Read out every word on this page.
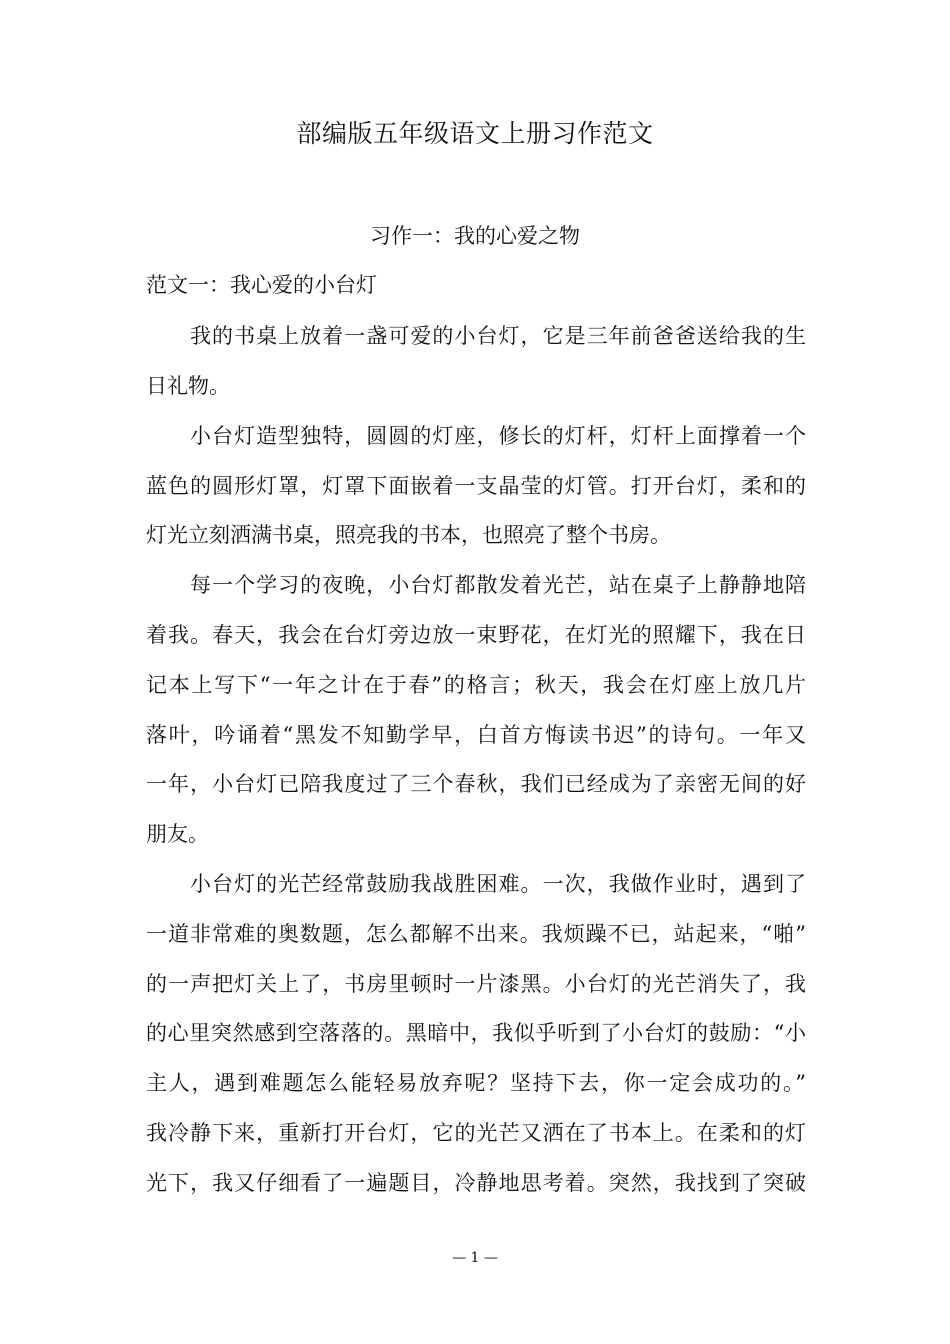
部编版五年级语文上册习作范文
习作一：我的心爱之物
范文一：我心爱的小台灯
我的书桌上放着一盏可爱的小台灯，它是三年前爸爸送给我的生
日礼物。
小台灯造型独特，圆圆的灯座，修长的灯杆，灯杆上面撑着一个
蓝色的圆形灯罩，灯罩下面嵌着一支晶莹的灯管。打开台灯，柔和的
灯光立刻洒满书桌，照亮我的书本，也照亮了整个书房。
每一个学习的夜晚，小台灯都散发着光芒，站在桌子上静静地陪
着我。春天，我会在台灯旁边放一束野花，在灯光的照耀下，我在日
记本上写下“一年之计在于春”的格言；秋天，我会在灯座上放几片
落叶，吟诵着“黑发不知勤学早，白首方悔读书迟”的诗句。一年又
一年，小台灯已陪我度过了三个春秋，我们已经成为了亲密无间的好
朋友。
小台灯的光芒经常鼓励我战胜困难。一次，我做作业时，遇到了
一道非常难的奥数题，怎么都解不出来。我烦躁不已，站起来，“啪”
的一声把灯关上了，书房里顿时一片漆黑。小台灯的光芒消失了，我
的心里突然感到空落落的。黑暗中，我似乎听到了小台灯的鼓励：“小
主人，遇到难题怎么能轻易放弃呢？坚持下去，你一定会成功的。”
我冷静下来，重新打开台灯，它的光芒又洒在了书本上。在柔和的灯
光下，我又仔细看了一遍题目，冷静地思考着。突然，我找到了突破
— 1 —
